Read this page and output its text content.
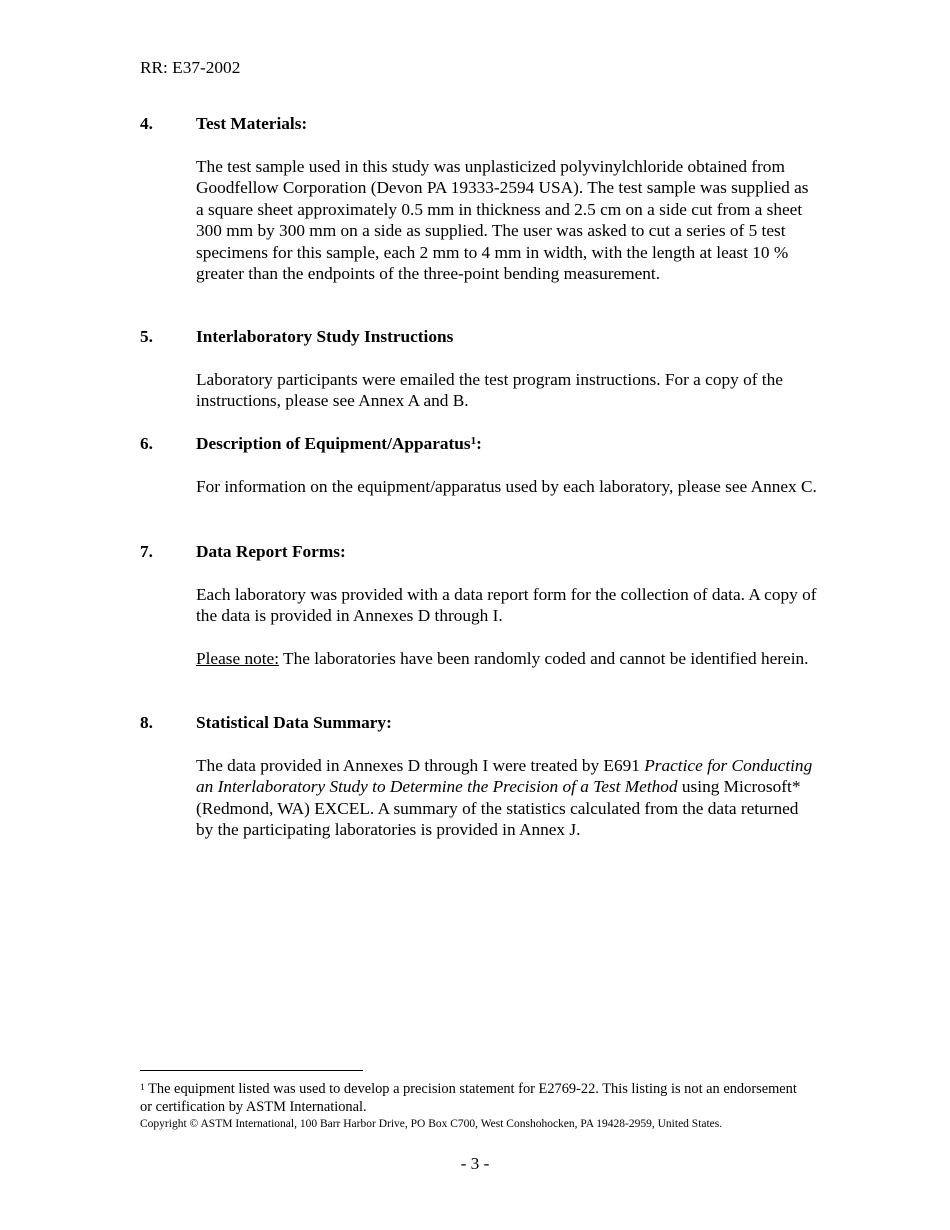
RR: E37-2002
4.	Test Materials:
The test sample used in this study was unplasticized polyvinylchloride obtained from Goodfellow Corporation (Devon PA 19333-2594 USA). The test sample was supplied as a square sheet approximately 0.5 mm in thickness and 2.5 cm on a side cut from a sheet 300 mm by 300 mm on a side as supplied. The user was asked to cut a series of 5 test specimens for this sample, each 2 mm to 4 mm in width, with the length at least 10 % greater than the endpoints of the three-point bending measurement.
5.	Interlaboratory Study Instructions
Laboratory participants were emailed the test program instructions. For a copy of the instructions, please see Annex A and B.
6.	Description of Equipment/Apparatus$^1$:
For information on the equipment/apparatus used by each laboratory, please see Annex C.
7.	Data Report Forms:
Each laboratory was provided with a data report form for the collection of data. A copy of the data is provided in Annexes D through I.
Please note: The laboratories have been randomly coded and cannot be identified herein.
8.	Statistical Data Summary:
The data provided in Annexes D through I were treated by E691 Practice for Conducting an Interlaboratory Study to Determine the Precision of a Test Method using Microsoft* (Redmond, WA) EXCEL. A summary of the statistics calculated from the data returned by the participating laboratories is provided in Annex J.
$^1$ The equipment listed was used to develop a precision statement for E2769-22. This listing is not an endorsement or certification by ASTM International.
Copyright © ASTM International, 100 Barr Harbor Drive, PO Box C700, West Conshohocken, PA 19428-2959, United States.
- 3 -
